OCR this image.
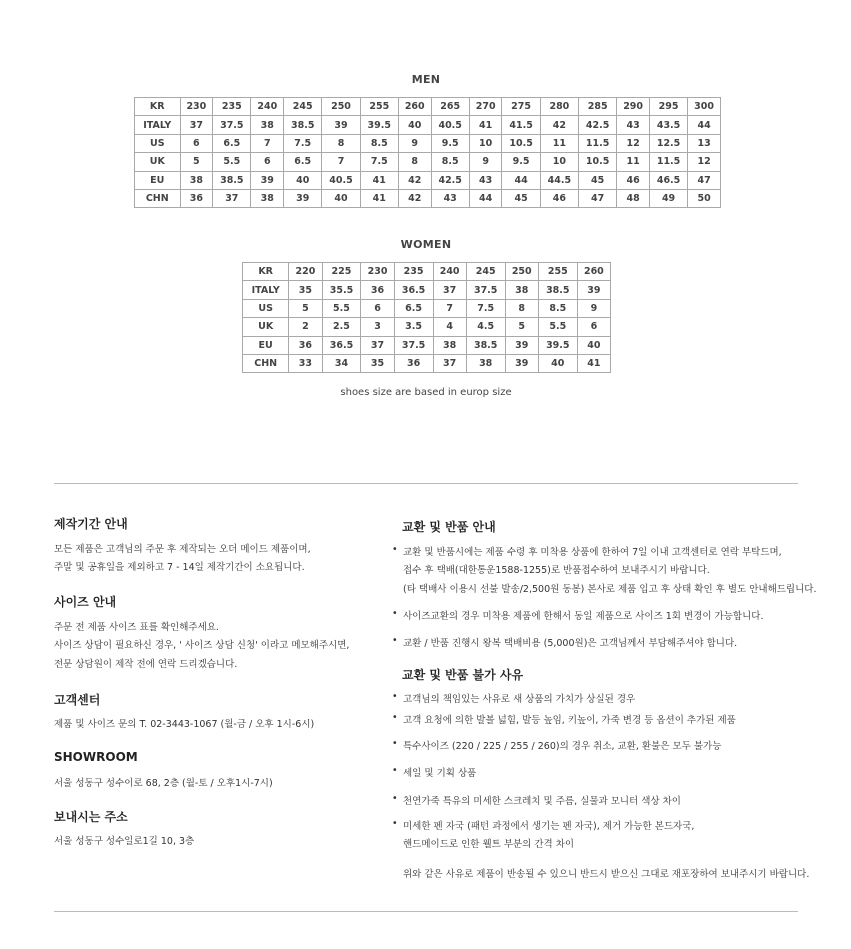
MEN
KR	230	235	240	245	250	255	260	265	270	275	280	285	290	295	300
ITALY	37	37.5	38	38.5	39	39.5	40	40.5	41	41.5	42	42.5	43	43.5	44
US	6	6.5	7	7.5	8	8.5	9	9.5	10	10.5	11	11.5	12	12.5	13
UK	5	5.5	6	6.5	7	7.5	8	8.5	9	9.5	10	10.5	11	11.5	12
EU	38	38.5	39	40	40.5	41	42	42.5	43	44	44.5	45	46	46.5	47
CHN	36	37	38	39	40	41	42	43	44	45	46	47	48	49	50
WOMEN
KR	220	225	230	235	240	245	250	255	260
ITALY	35	35.5	36	36.5	37	37.5	38	38.5	39
US	5	5.5	6	6.5	7	7.5	8	8.5	9
UK	2	2.5	3	3.5	4	4.5	5	5.5	6
EU	36	36.5	37	37.5	38	38.5	39	39.5	40
CHN	33	34	35	36	37	38	39	40	41
shoes size are based in europ size
제작기간 안내
모든 제품은 고객님의 주문 후 제작되는 오더 메이드 제품이며,
주말 및 공휴일을 제외하고 7 - 14일 제작기간이 소요됩니다.
사이즈 안내
주문 전 제품 사이즈 표를 확인해주세요.
사이즈 상담이 필요하신 경우, ' 사이즈 상담 신청' 이라고 메모해주시면,
전문 상담원이 제작 전에 연락 드리겠습니다.
고객센터
제품 및 사이즈 문의 T. 02-3443-1067 (월-금 / 오후 1시-6시)
SHOWROOM
서울 성동구 성수이로 68, 2층 (월-토 / 오후1시-7시)
보내시는 주소
서울 성동구 성수일로1길 10, 3층
교환 및 반품 안내
• 교환 및 반품시에는 제품 수령 후 미착용 상품에 한하여 7일 이내 고객센터로 연락 부탁드며,
접수 후 택배(대한통운1588-1255)로 반품접수하여 보내주시기 바랍니다.
(타 택배사 이용시 선불 발송/2,500원 동봉) 본사로 제품 입고 후 상태 확인 후 별도 안내해드립니다.
• 사이즈교환의 경우 미착용 제품에 한해서 동일 제품으로 사이즈 1회 변경이 가능합니다.
• 교환 / 반품 진행시 왕복 택배비용 (5,000원)은 고객님께서 부담해주셔야 합니다.
교환 및 반품 불가 사유
• 고객님의 책임있는 사유로 새 상품의 가치가 상실된 경우
• 고객 요청에 의한 발볼 넓힘, 발등 높임, 키높이, 가죽 변경 등 옵션이 추가된 제품
• 특수사이즈 (220 / 225 / 255 / 260)의 경우 취소, 교환, 환불은 모두 불가능
• 세일 및 기획 상품
• 천연가죽 특유의 미세한 스크레치 및 주름, 실물과 모니터 색상 차이
• 미세한 펜 자국 (패턴 과정에서 생기는 펜 자국), 제거 가능한 본드자국,
핸드메이드로 인한 웰트 부분의 간격 차이
위와 같은 사유로 제품이 반송될 수 있으니 반드시 받으신 그대로 재포장하여 보내주시기 바랍니다.
